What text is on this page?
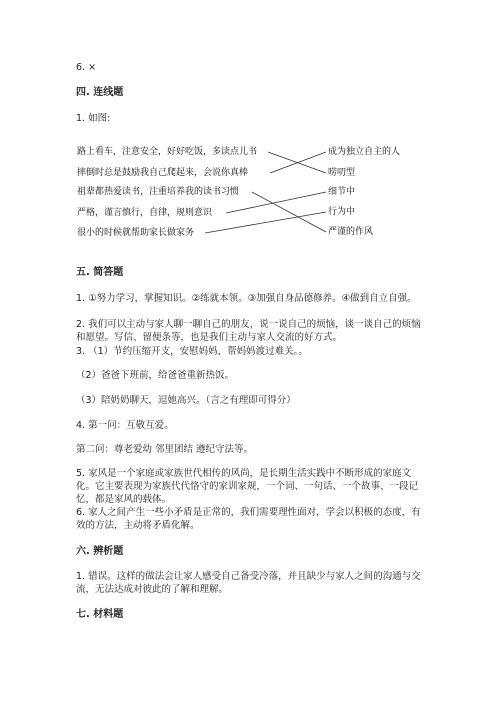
6. ×
四. 连线题
1. 如图:
路上看车，注意安全，好好吃饭，多读点儿书
摔倒时总是鼓励我自己爬起来，会说你真棒
祖辈都热爱读书，注重培养我的读书习惯
严格，谨言慎行，自律，规则意识
很小的时候就帮助家长做家务
成为独立自主的人
唠叨型
细节中
行为中
严谨的作风
五. 简答题
1. ①努力学习，掌握知识。②练就本领。③加强自身品德修养。④做到自立自强。
2. 我们可以主动与家人聊一聊自己的朋友，说一说自己的烦恼，谈一谈自己的烦恼和愿望。写信、留便条等，也是我们主动与家人交流的好方式。
3. （1）节约压缩开支，安慰妈妈，帮妈妈渡过难关。。
（2）爸爸下班前，给爸爸重新热饭。
（3）陪奶奶聊天，逗她高兴。（言之有理即可得分）
4. 第一问：互敬互爱。
第二问：尊老爱幼 邻里团结 遵纪守法等。
5. 家风是一个家庭或家族世代相传的风尚，是长期生活实践中不断形成的家庭文化。它主要表现为家族代代恪守的家训家规，一个词、一句话、一个故事、一段记忆，都是家风的载体。
6. 家人之间产生一些小矛盾是正常的，我们需要理性面对，学会以积极的态度，有效的方法，主动将矛盾化解。
六. 辨析题
1. 错误。这样的做法会让家人感受自己备受冷落，并且缺少与家人之间的沟通与交流，无法达成对彼此的了解和理解。
七. 材料题
